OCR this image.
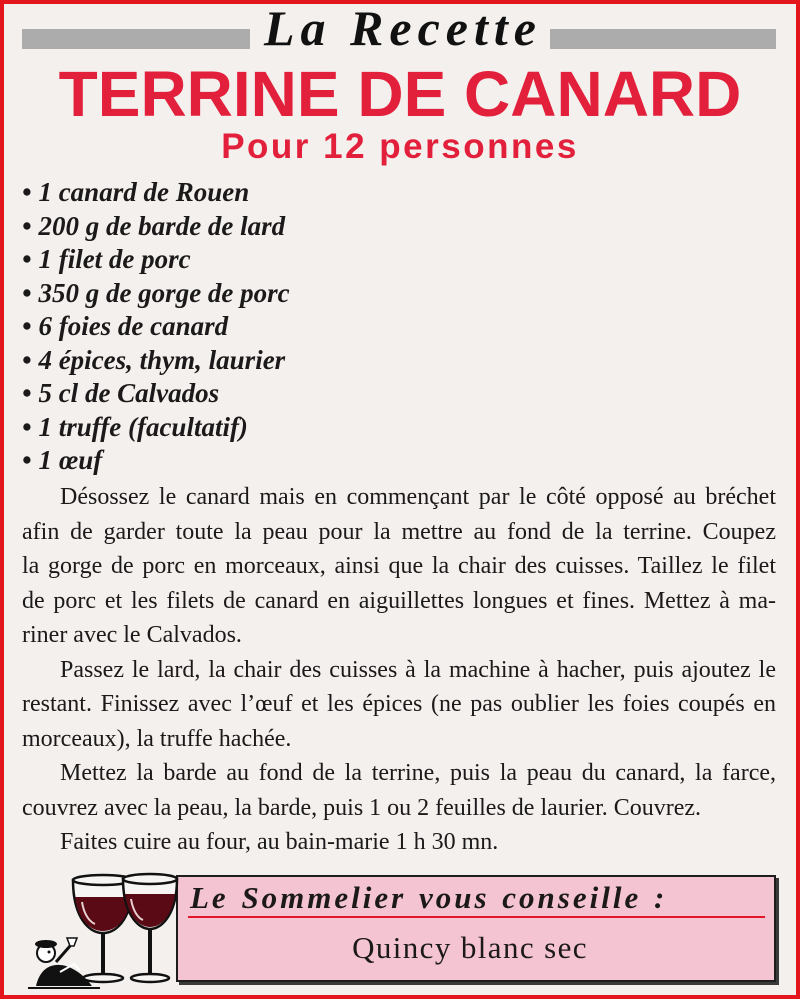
La Recette
TERRINE DE CANARD
Pour 12 personnes
• 1 canard de Rouen
• 200 g de barde de lard
• 1 filet de porc
• 350 g de gorge de porc
• 6 foies de canard
• 4 épices, thym, laurier
• 5 cl de Calvados
• 1 truffe (facultatif)
• 1 œuf
Désossez le canard mais en commençant par le côté opposé au bréchet
afin de garder toute la peau pour la mettre au fond de la terrine. Coupez
la gorge de porc en morceaux, ainsi que la chair des cuisses. Taillez le filet
de porc et les filets de canard en aiguillettes longues et fines. Mettez à ma-
riner avec le Calvados.
Passez le lard, la chair des cuisses à la machine à hacher, puis ajoutez le
restant. Finissez avec l’œuf et les épices (ne pas oublier les foies coupés en
morceaux), la truffe hachée.
Mettez la barde au fond de la terrine, puis la peau du canard, la farce,
couvrez avec la peau, la barde, puis 1 ou 2 feuilles de laurier. Couvrez.
Faites cuire au four, au bain-marie 1 h 30 mn.
Le Sommelier vous conseille :
Quincy blanc sec
